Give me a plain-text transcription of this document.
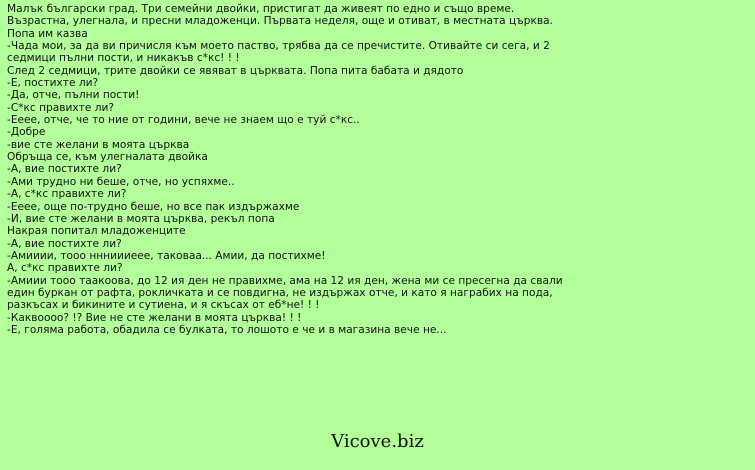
Малък български град. Три семейни двойки, пристигат да живеят по едно и също време.
Възрастна, улегнала, и пресни младоженци. Първата неделя, още и отиват, в местната църква.
Попа им казва
-Чада мои, за да ви причисля към моето паство, трябва да се пречистите. Отивайте си сега, и 2
седмици пълни пости, и никакъв с*кс! ! !
След 2 седмици, трите двойки се явяват в църквата. Попа пита бабата и дядото
-Е, постихте ли?
-Да, отче, пълни пости!
-С*кс правихте ли?
-Ееее, отче, че то ние от години, вече не знаем що е туй с*кс..
-Добре
-вие сте желани в моята църква
Обръща се, към улегналата двойка
-А, вие постихте ли?
-Ами трудно ни беше, отче, но успяхме..
-А, с*кс правихте ли?
-Ееее, още по-трудно беше, но все пак издържахме
-И, вие сте желани в моята църква, рекъл попа
Накрая попитал младоженците
-А, вие постихте ли?
-Амииии, тооо ннниииеее, таковаа... Амии, да постихме!
А, с*кс правихте ли?
-Амиии тооо таакоова, до 12 ия ден не правихме, ама на 12 ия ден, жена ми се пресегна да свали
един буркан от рафта, рокличката и се повдигна, не издържах отче, и като я награбих на пода,
разкъсах и бикините и сутиена, и я скъсах от еб*не! ! !
-Каквоооо? !? Вие не сте желани в моята църква! ! !
-Е, голяма работа, обадила се булката, то лошото е че и в магазина вече не...
Vicove.biz
